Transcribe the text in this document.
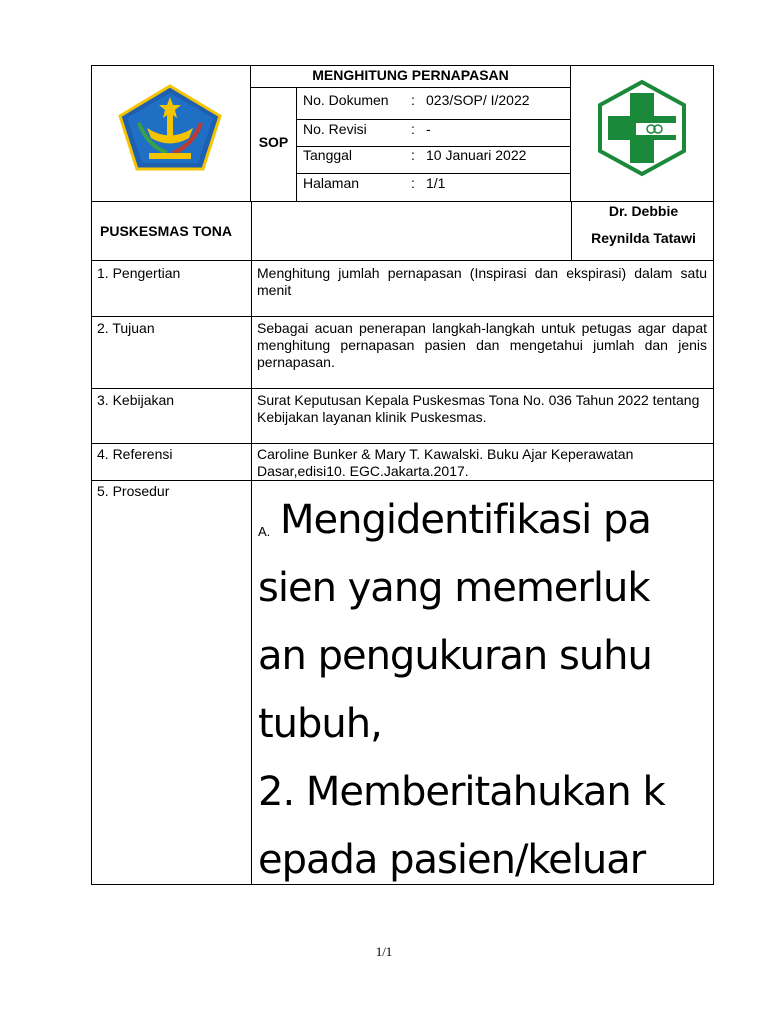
MENGHITUNG PERNAPASAN
SOP
No. Dokumen : 023/SOP/ I/2022
No. Revisi	: -
Tanggal	: 10 Januari 2022
Halaman	: 1/1
PUSKESMAS TONA
Dr. Debbie
Reynilda Tatawi
1. Pengertian	Menghitung jumlah pernapasan (Inspirasi dan ekspirasi) dalam satu menit
2. Tujuan	Sebagai acuan penerapan langkah-langkah untuk petugas agar dapat menghitung pernapasan pasien dan mengetahui jumlah dan jenis pernapasan.
3. Kebijakan	Surat Keputusan Kepala Puskesmas Tona No. 036 Tahun 2022 tentang Kebijakan layanan klinik Puskesmas.
4. Referensi	Caroline Bunker & Mary T. Kawalski. Buku Ajar Keperawatan Dasar,edisi10. EGC.Jakarta.2017.
5. Prosedur
A. Mengidentifikasi pa
sien yang memerluk
an pengukuran suhu
tubuh,
2. Memberitahukan k
epada pasien/keluar
1/1
